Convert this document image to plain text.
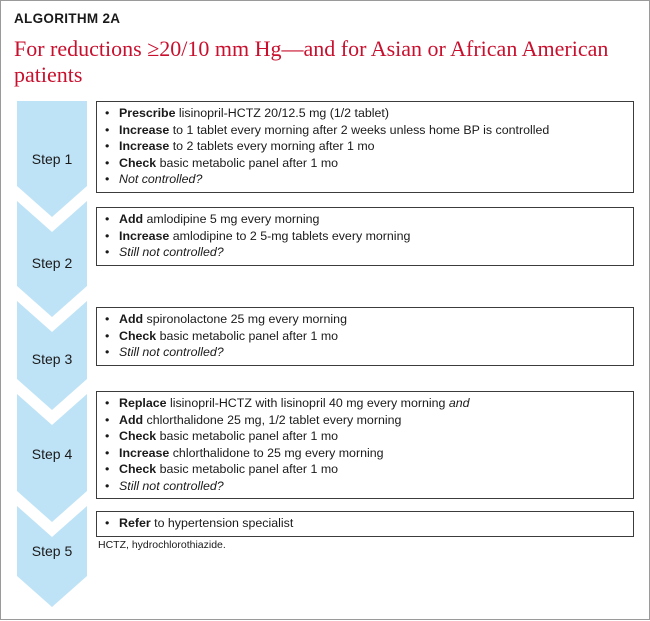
ALGORITHM 2A
For reductions ≥20/10 mm Hg—and for Asian or African American patients
Step 1
Step 2
Step 3
Step 4
Step 5
• Prescribe lisinopril-HCTZ 20/12.5 mg (1/2 tablet)
• Increase to 1 tablet every morning after 2 weeks unless home BP is controlled
• Increase to 2 tablets every morning after 1 mo
• Check basic metabolic panel after 1 mo
• Not controlled?
• Add amlodipine 5 mg every morning
• Increase amlodipine to 2 5-mg tablets every morning
• Still not controlled?
• Add spironolactone 25 mg every morning
• Check basic metabolic panel after 1 mo
• Still not controlled?
• Replace lisinopril-HCTZ with lisinopril 40 mg every morning and
• Add chlorthalidone 25 mg, 1/2 tablet every morning
• Check basic metabolic panel after 1 mo
• Increase chlorthalidone to 25 mg every morning
• Check basic metabolic panel after 1 mo
• Still not controlled?
• Refer to hypertension specialist
HCTZ, hydrochlorothiazide.
